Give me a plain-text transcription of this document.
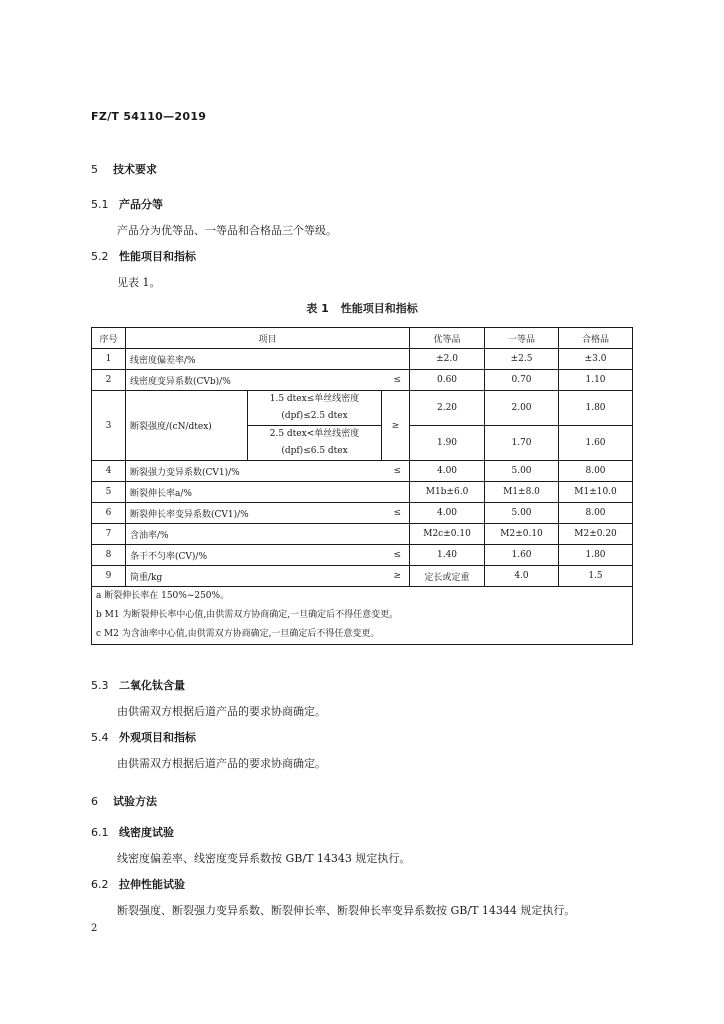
FZ/T 54110—2019
5 技术要求
5.1 产品分等
产品分为优等品、一等品和合格品三个等级。
5.2 性能项目和指标
见表 1。
表 1 性能项目和指标
序号	项目			优等品	一等品	合格品
1	线密度偏差率/%			±2.0	±2.5	±3.0
2	线密度变异系数(CVb)/% ≤			0.60	0.70	1.10
3	断裂强度/(cN/dtex)	1.5 dtex≤单丝线密度
(dpf)≤2.5 dtex	≥	2.20	2.00	1.80

		2.5 dtex<单丝线密度
(dpf)≤6.5 dtex		1.90	1.70	1.60
4	断裂强力变异系数(CV1)/% ≤			4.00	5.00	8.00
5	断裂伸长率a/%			M1b±6.0	M1±8.0	M1±10.0
6	断裂伸长率变异系数(CV1)/% ≤			4.00	5.00	8.00
7	含油率/%			M2c±0.10	M2±0.10	M2±0.20
8	条干不匀率(CV)/% ≤			1.40	1.60	1.80
9	筒重/kg ≥			定长或定重	4.0	1.5

a 断裂伸长率在 150%~250%。
b M1 为断裂伸长率中心值,由供需双方协商确定,一旦确定后不得任意变更。
c M2 为含油率中心值,由供需双方协商确定,一旦确定后不得任意变更。						
5.3 二氧化钛含量
由供需双方根据后道产品的要求协商确定。
5.4 外观项目和指标
由供需双方根据后道产品的要求协商确定。
6 试验方法
6.1 线密度试验
线密度偏差率、线密度变异系数按 GB/T 14343 规定执行。
6.2 拉伸性能试验
断裂强度、断裂强力变异系数、断裂伸长率、断裂伸长率变异系数按 GB/T 14344 规定执行。
2
